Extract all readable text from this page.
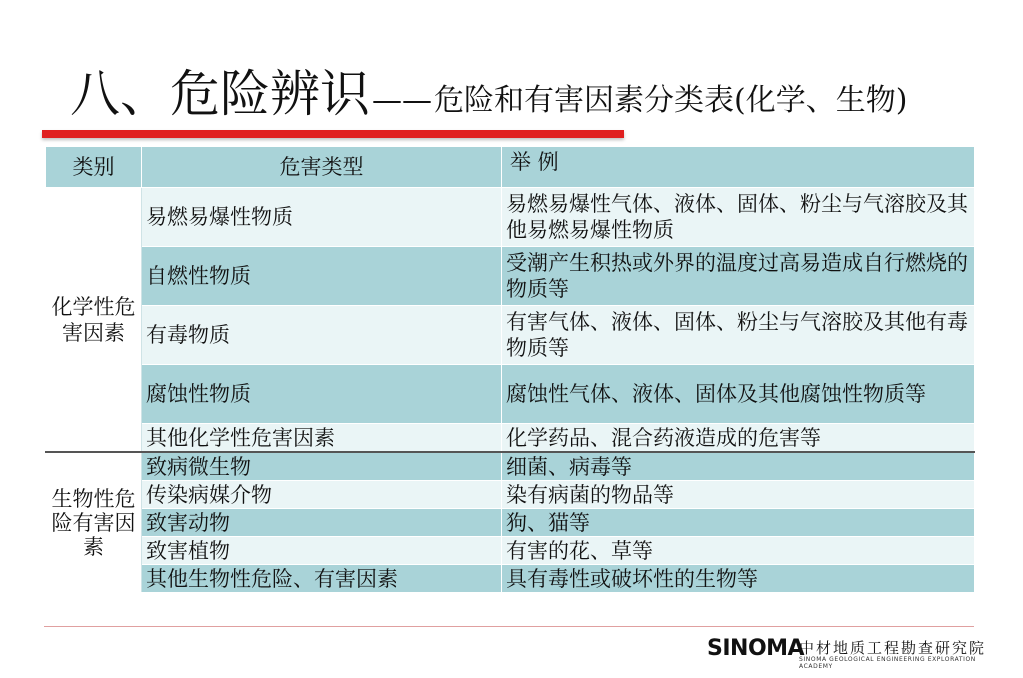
八、危险辨识 —— 危险和有害因素分类表(化学、生物)
类别	危害类型	举 例
化学性危害因素	易燃易爆性物质	易燃易爆性气体、液体、固体、粉尘与气溶胶及其他易燃易爆性物质
	自燃性物质	受潮产生积热或外界的温度过高易造成自行燃烧的物质等
	有毒物质	有害气体、液体、固体、粉尘与气溶胶及其他有毒物质等
	腐蚀性物质	腐蚀性气体、液体、固体及其他腐蚀性物质等
	其他化学性危害因素	化学药品、混合药液造成的危害等
生物性危险有害因素	致病微生物	细菌、病毒等
	传染病媒介物	染有病菌的物品等
	致害动物	狗、猫等
	致害植物	有害的花、草等
	其他生物性危险、有害因素	具有毒性或破坏性的生物等
SINOMA
中材地质工程勘查研究院
SINOMA GEOLOGICAL ENGINEERING EXPLORATION ACADEMY
